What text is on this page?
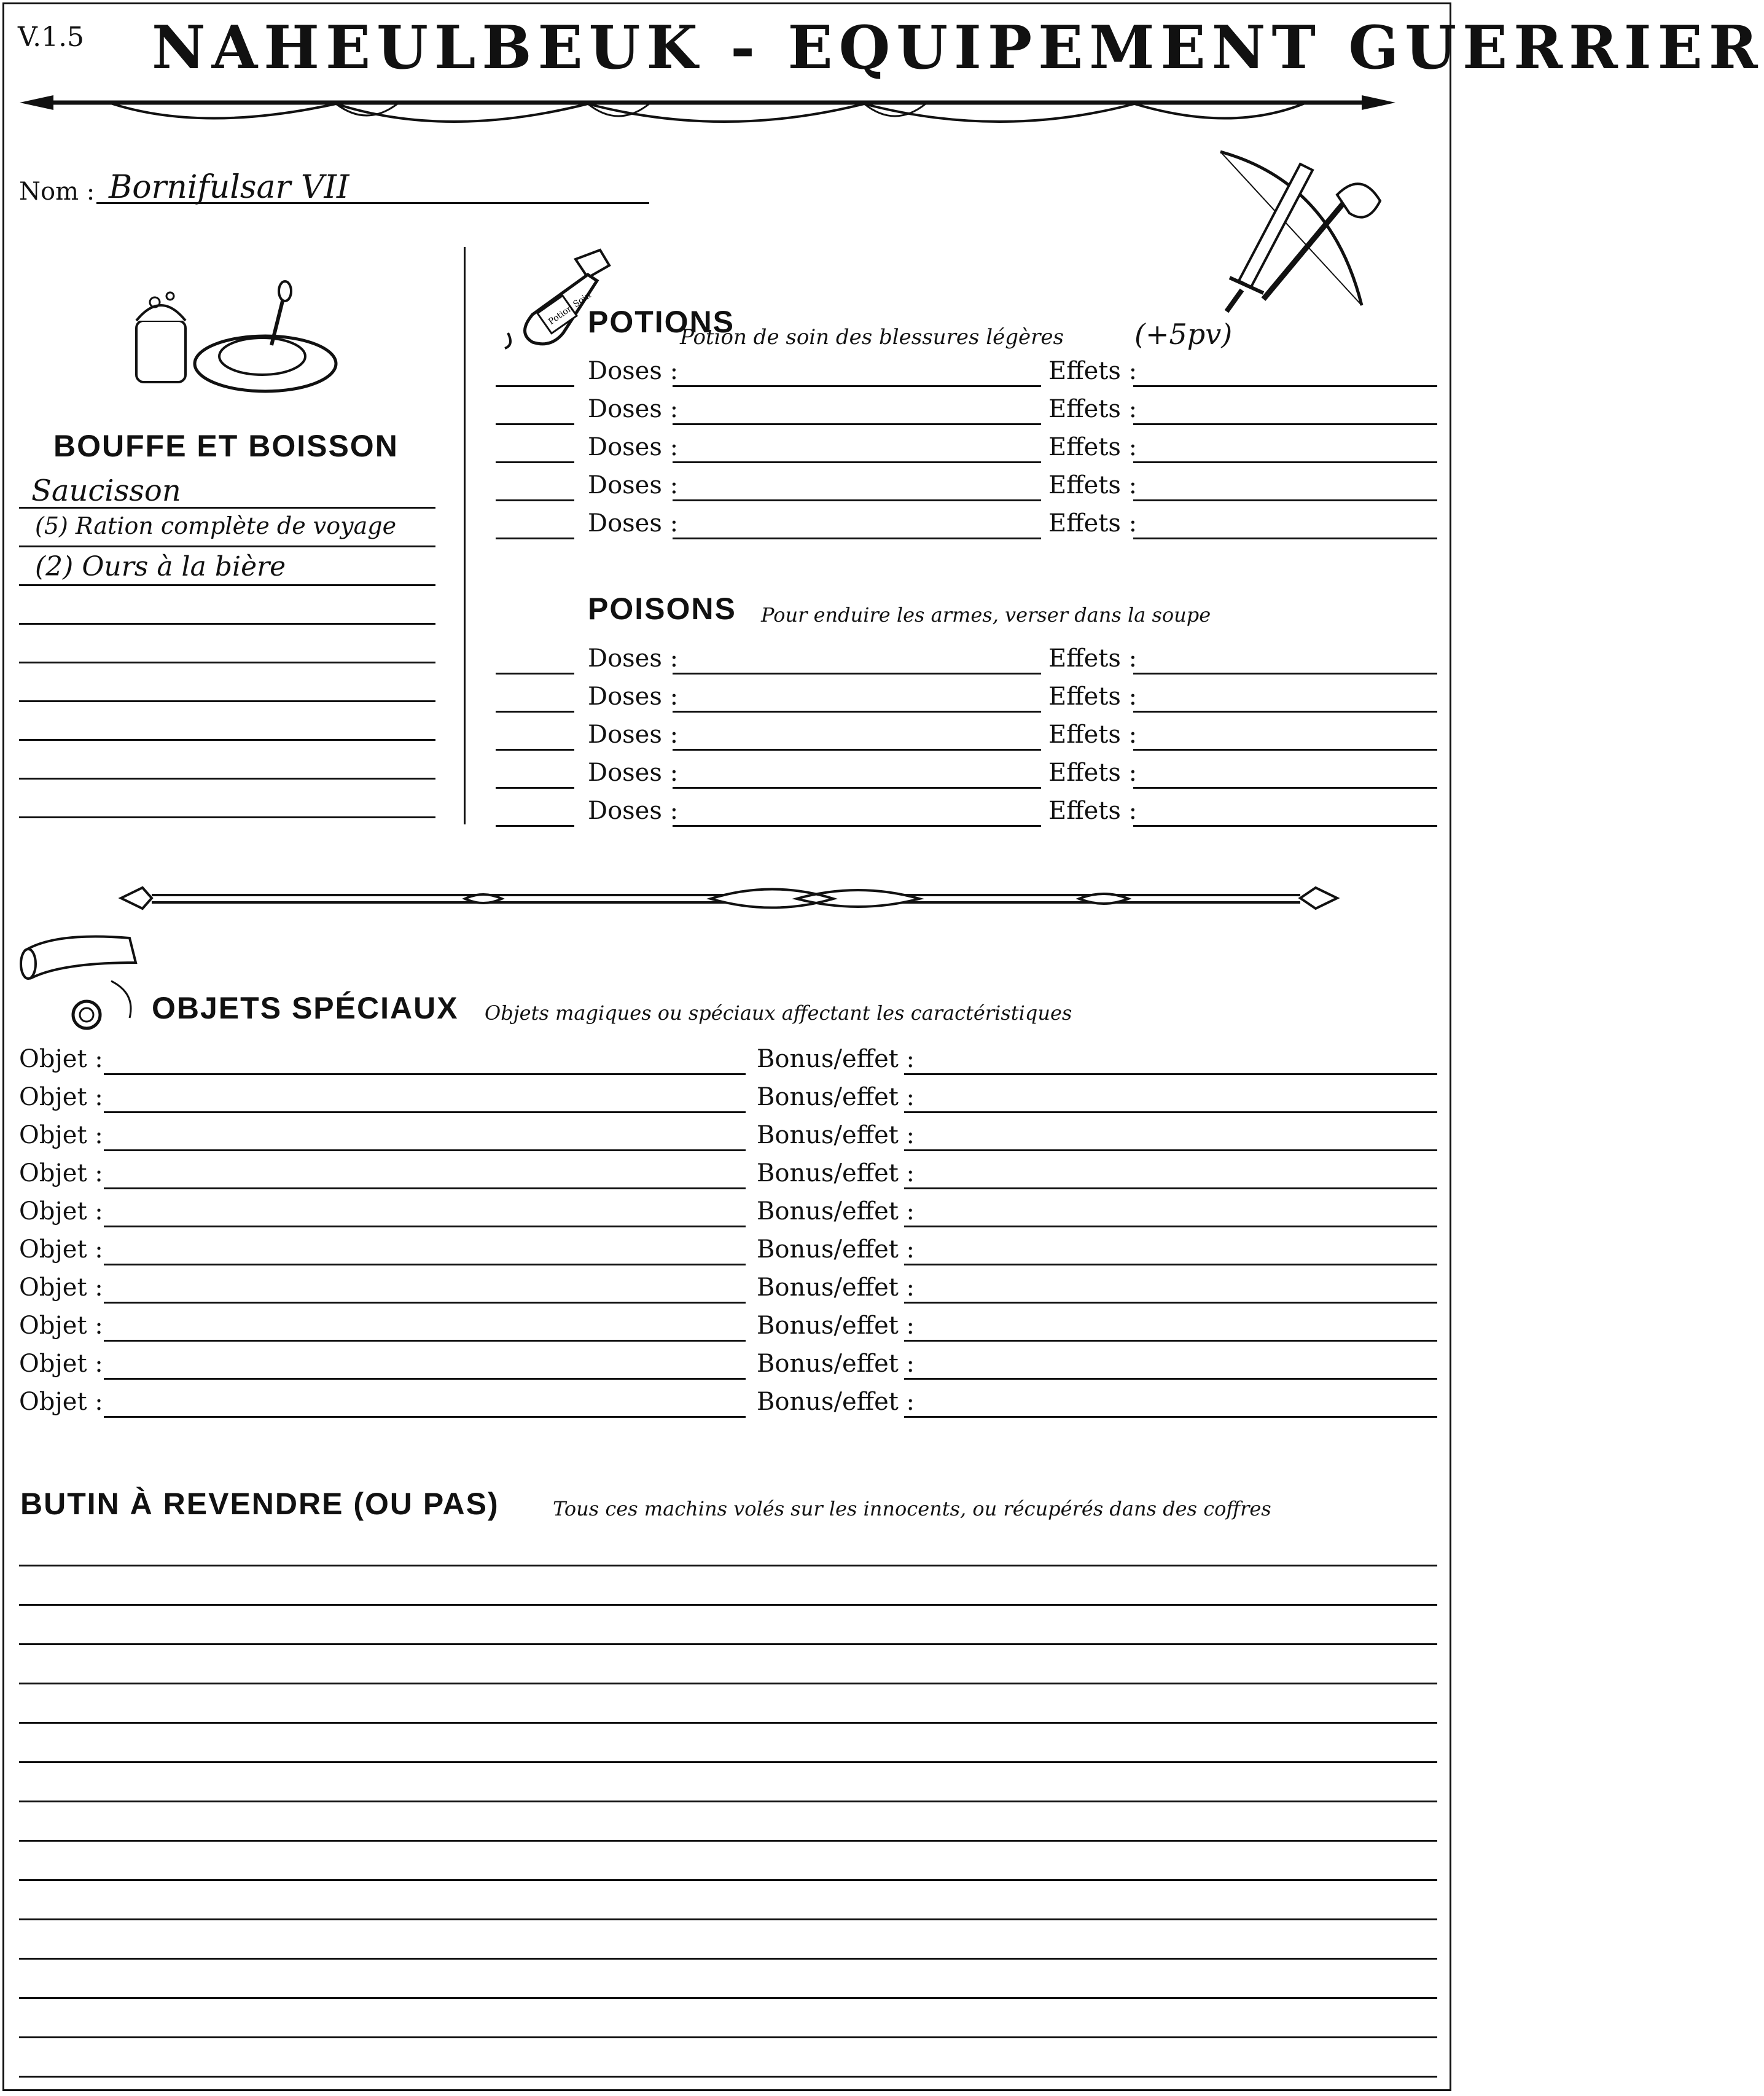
V.1.5 NAHEULBEUK - EQUIPEMENT GUERRIER
Nom : Bornifulsar VII
BOUFFE ET BOISSON
Saucisson
(5) Ration complète de voyage
(2) Ours à la bière
Potion Soin
POTIONS
Potion de soin des blessures légères	(+5pv)
Doses :	Effets :
Doses :	Effets :
Doses :	Effets :
Doses :	Effets :
Doses :	Effets :
POISONS Pour enduire les armes, verser dans la soupe
Doses :	Effets :
Doses :	Effets :
Doses :	Effets :
Doses :	Effets :
Doses :	Effets :
OBJETS SPÉCIAUX Objets magiques ou spéciaux affectant les caractéristiques
Objet :	Bonus/effet :
Objet :	Bonus/effet :
Objet :	Bonus/effet :
Objet :	Bonus/effet :
Objet :	Bonus/effet :
Objet :	Bonus/effet :
Objet :	Bonus/effet :
Objet :	Bonus/effet :
Objet :	Bonus/effet :
Objet :	Bonus/effet :
BUTIN À REVENDRE (OU PAS)	Tous ces machins volés sur les innocents, ou récupérés dans des coffres
